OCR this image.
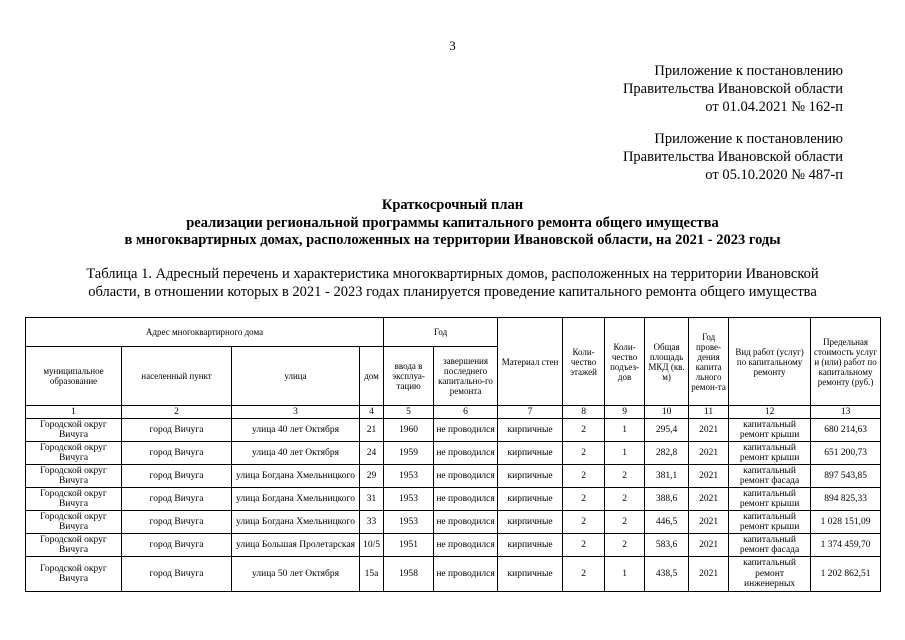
3
Приложение к постановлению
Правительства Ивановской области
от 01.04.2021 № 162-п
Приложение к постановлению
Правительства Ивановской области
от 05.10.2020 № 487-п
Краткосрочный план
реализации региональной программы капитального ремонта общего имущества
в многоквартирных домах, расположенных на территории Ивановской области, на 2021 - 2023 годы
Таблица 1. Адресный перечень и характеристика многоквартирных домов, расположенных на территории Ивановской
области, в отношении которых в 2021 - 2023 годах планируется проведение капитального ремонта общего имущества
Адрес многоквартирного дома				Год		Материал стен	Коли-чество этажей	Коли-чество подъез-дов	Общая площадь МКД (кв. м)	Год прове-дения капита льного ремон-та	Вид работ (услуг) по капитальному ремонту	Предельная стоимость услуг и (или) работ по капитальному ремонту (руб.)
муниципальное образование	населенный пункт	улица	дом	ввода в эксплуа-тацию	завершения последнего капитально-го ремонта							
1	2	3	4	5	6	7	8	9	10	11	12	13
Городской округ Вичуга	город Вичуга	улица 40 лет Октября	21	1960	не проводился	кирпичные	2	1	295,4	2021	капитальный ремонт крыши	680 214,63
Городской округ Вичуга	город Вичуга	улица 40 лет Октября	24	1959	не проводился	кирпичные	2	1	282,8	2021	капитальный ремонт крыши	651 200,73
Городской округ Вичуга	город Вичуга	улица Богдана Хмельницкого	29	1953	не проводился	кирпичные	2	2	381,1	2021	капитальный ремонт фасада	897 543,85
Городской округ Вичуга	город Вичуга	улица Богдана Хмельницкого	31	1953	не проводился	кирпичные	2	2	388,6	2021	капитальный ремонт крыши	894 825,33
Городской округ Вичуга	город Вичуга	улица Богдана Хмельницкого	33	1953	не проводился	кирпичные	2	2	446,5	2021	капитальный ремонт крыши	1 028 151,09
Городской округ Вичуга	город Вичуга	улица Большая Пролетарская	10/5	1951	не проводился	кирпичные	2	2	583,6	2021	капитальный ремонт фасада	1 374 459,70
Городской округ Вичуга	город Вичуга	улица 50 лет Октября	15а	1958	не проводился	кирпичные	2	1	438,5	2021	капитальный ремонт инженерных	1 202 862,51
